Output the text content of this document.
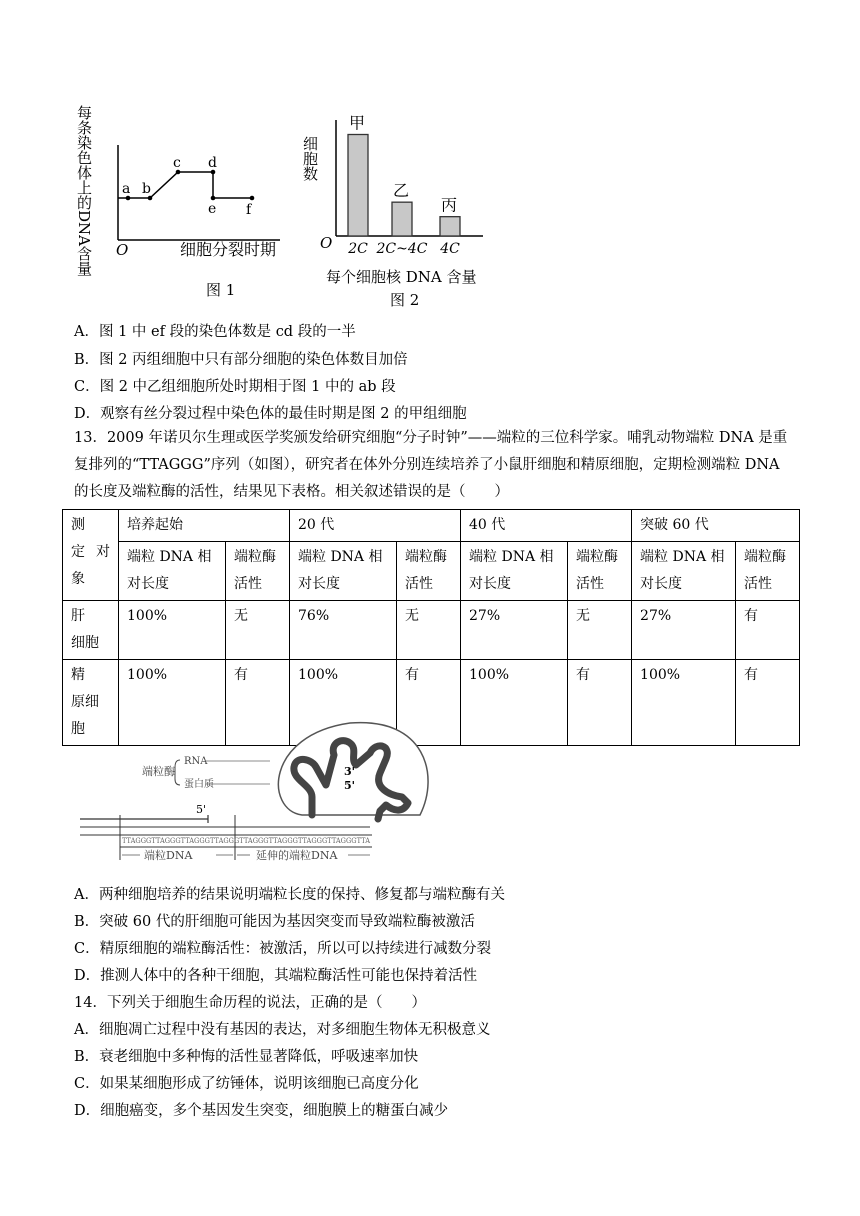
每条染色体上的DNA含量 O
a b
c d
e f
细胞分裂时期
图 1
细胞数
O
甲
2C
乙
2C~4C
丙
4C
每个细胞核 DNA 含量
图 2
A．图 1 中 ef 段的染色体数是 cd 段的一半
B．图 2 丙组细胞中只有部分细胞的染色体数目加倍
C．图 2 中乙组细胞所处时期相于图 1 中的 ab 段
D．观察有丝分裂过程中染色体的最佳时期是图 2 的甲组细胞
13．2009 年诺贝尔生理或医学奖颁发给研究细胞“分子时钟”——端粒的三位科学家。哺乳动物端粒 DNA 是重复排列的“TTAGGG”序列（如图），研究者在体外分别连续培养了小鼠肝细胞和精原细胞，定期检测端粒 DNA 的长度及端粒酶的活性，结果见下表格。相关叙述错误的是（　　）
测　定对象	培养起始		20 代		40 代		突破 60 代	
	端粒 DNA 相对长度	端粒酶活性	端粒 DNA 相对长度	端粒酶活性	端粒 DNA 相对长度	端粒酶活性	端粒 DNA 相对长度	端粒酶活性
肝　细胞	100%	无	76%	无	27%	无	27%	有
精　原细胞	100%	有	100%	有	100%	有	100%	有
端粒酶
RNA
蛋白质
3'
5'
5'
TTAGGGTTAGGGTTAGGGTTAGGGTTAGGGTTAGGGTTAGGGTTAGGGTTA
端粒DNA	延伸的端粒DNA
A．两种细胞培养的结果说明端粒长度的保持、修复都与端粒酶有关
B．突破 60 代的肝细胞可能因为基因突变而导致端粒酶被激活
C．精原细胞的端粒酶活性：被激活，所以可以持续进行减数分裂
D．推测人体中的各种干细胞，其端粒酶活性可能也保持着活性
14．下列关于细胞生命历程的说法，正确的是（　　）
A．细胞凋亡过程中没有基因的表达，对多细胞生物体无积极意义
B．衰老细胞中多种悔的活性显著降低，呼吸速率加快
C．如果某细胞形成了纺锤体，说明该细胞已高度分化
D．细胞癌变，多个基因发生突变，细胞膜上的糖蛋白减少
